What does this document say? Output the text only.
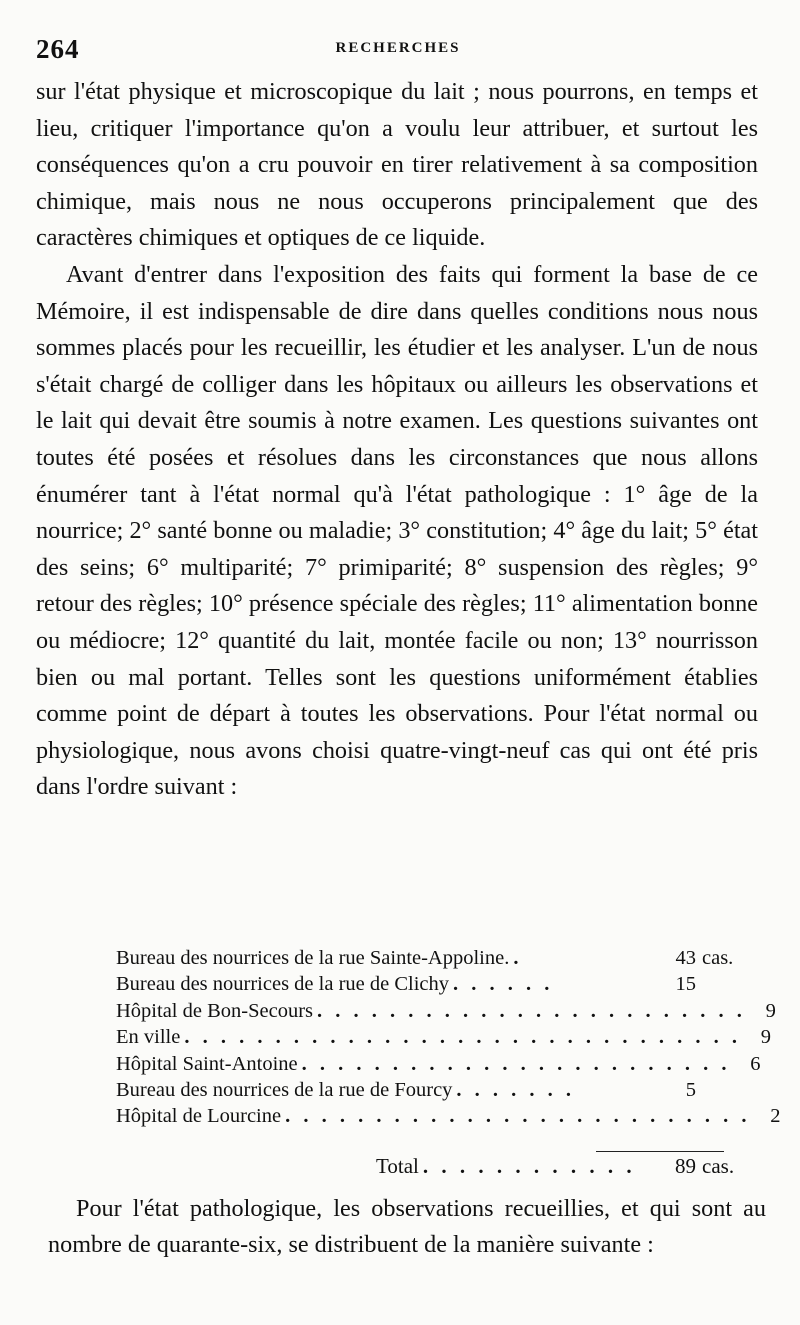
264	RECHERCHES

sur l'état physique et microscopique du lait ; nous pourrons, en temps et lieu, critiquer l'importance qu'on a voulu leur attribuer, et surtout les conséquences qu'on a cru pouvoir en tirer relativement à sa composition chimique, mais nous ne nous occuperons principalement que des caractères chimiques et optiques de ce liquide.

Avant d'entrer dans l'exposition des faits qui forment la base de ce Mémoire, il est indispensable de dire dans quelles conditions nous nous sommes placés pour les recueillir, les étudier et les analyser. L'un de nous s'était chargé de colliger dans les hôpitaux ou ailleurs les observations et le lait qui devait être soumis à notre examen. Les questions suivantes ont toutes été posées et résolues dans les circonstances que nous allons énumérer tant à l'état normal qu'à l'état pathologique : 1° âge de la nourrice; 2° santé bonne ou maladie; 3° constitution; 4° âge du lait; 5° état des seins; 6° multiparité; 7° primiparité; 8° suspension des règles; 9° retour des règles; 10° présence spéciale des règles; 11° alimentation bonne ou médiocre; 12° quantité du lait, montée facile ou non; 13° nourrisson bien ou mal portant. Telles sont les questions uniformément établies comme point de départ à toutes les observations. Pour l'état normal ou physiologique, nous avons choisi quatre-vingt-neuf cas qui ont été pris dans l'ordre suivant :

Bureau des nourrices de la rue Sainte-Appoline. .	43 cas.
Bureau des nourrices de la rue de Clichy . . . . . .	15
Hôpital de Bon-Secours . . . . . . . . . . . . . . . . . . . . . . . . 9
En ville . . . . . . . . . . . . . . . . . . . . . . . . . . . . . . . 9
Hôpital Saint-Antoine . . . . . . . . . . . . . . . . . . . . . . . . 6
Bureau des nourrices de la rue de Fourcy . . . . . . .	5
Hôpital de Lourcine . . . . . . . . . . . . . . . . . . . . . . . . . . 2
Total . . . . . . . . . . . .	89 cas.

Pour l'état pathologique, les observations recueillies, et qui sont au nombre de quarante-six, se distribuent de la manière suivante :
